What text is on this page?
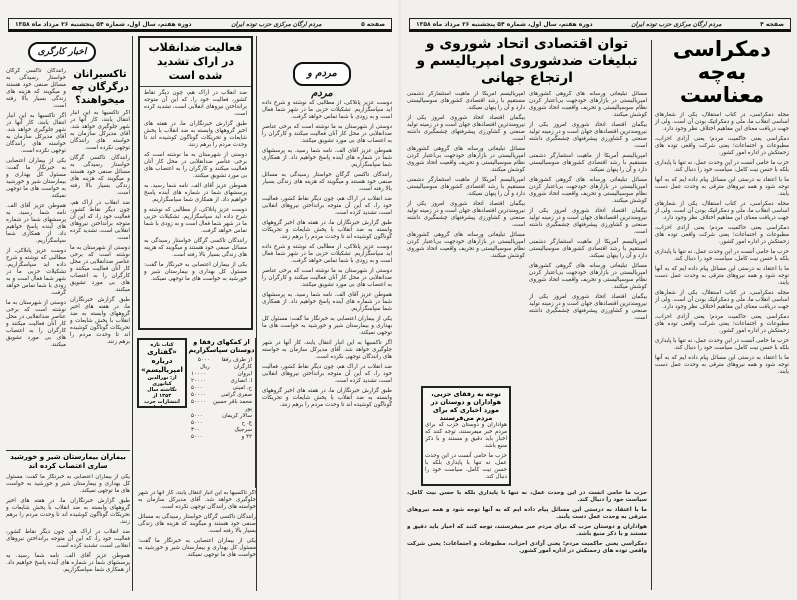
صفحه ۵
مردم ارگان مرکزی حزب توده ایران
دوره هفتم، سال اول، شماره ۵۴ پنجشنبه ۲۶ مرداد ماه ۱۳۵۸
مردم و مردم

دوست عزیز پانلاکی، از مطالبی که نوشته و شرح داده اید سپاسگزاریم. تشکیلات حزبی ما در شهر شما فعال است و به زودی با شما تماس خواهد گرفت.

دوستی از شهرستان به ما نوشته است که برخی عناصر ضدانقلابی در محل کار آنان فعالیت میکنند و کارگران را به اعتصاب های بی مورد تشویق میکنند.

هموطن عزیز آقای الف. نامه شما رسید. به پرسشهای شما در شماره های آینده پاسخ خواهیم داد. از همکاری شما سپاسگزاریم.

رانندگان تاکسی گرگان خواستار رسیدگی به مسائل صنفی خود هستند و میگویند که هزینه های زندگی بسیار بالا رفته است.

ضد انقلاب در اراک هم، چون دیگر نقاط کشور، فعالیت خود را، که این آن متوجه برانداختن نیروهای انقلابی است، تشدید کرده است.

طبق گزارش خبرنگاران ما، در هفته های اخیر گروههای وابسته به ضد انقلاب با پخش شایعات و تحریکات گوناگون کوشیده اند تا وحدت مردم را برهم زنند.

دوست عزیز پانلاکی، از مطالبی که نوشته و شرح داده اید سپاسگزاریم. تشکیلات حزبی ما در شهر شما فعال است و به زودی با شما تماس خواهد گرفت.

دوستی از شهرستان به ما نوشته است که برخی عناصر ضدانقلابی در محل کار آنان فعالیت میکنند و کارگران را به اعتصاب های بی مورد تشویق میکنند.

هموطن عزیز آقای الف. نامه شما رسید. به پرسشهای شما در شماره های آینده پاسخ خواهیم داد. از همکاری شما سپاسگزاریم.

یکی از بیماران اعتصابی به خبرنگار ما گفت: مسئول کل بهداری و بیمارستان شیر و خورشید به خواست های ما توجهی نمیکند.

اگر تاکسیها به این انبار انتقال یابند، کار آنها در شهر جلوگیری خواهد شد. آقای مدیرکل سازمان به خواسته های رانندگان توجهی نکرده است.

ضد انقلاب در اراک هم، چون دیگر نقاط کشور، فعالیت خود را، که این آن متوجه برانداختن نیروهای انقلابی است، تشدید کرده است.

طبق گزارش خبرنگاران ما، در هفته های اخیر گروههای وابسته به ضد انقلاب با پخش شایعات و تحریکات گوناگون کوشیده اند تا وحدت مردم را برهم زنند.

فعالیت ضدانقلاب در اراک تشدید شده است

ضد انقلاب در اراک هم، چون دیگر نقاط کشور، فعالیت خود را، که این آن متوجه برانداختن نیروهای انقلابی است، تشدید کرده است.

طبق گزارش خبرنگاران ما، در هفته های اخیر گروههای وابسته به ضد انقلاب با پخش شایعات و تحریکات گوناگون کوشیده اند تا وحدت مردم را برهم زنند.

دوستی از شهرستان به ما نوشته است که برخی عناصر ضدانقلابی در محل کار آنان فعالیت میکنند و کارگران را به اعتصاب های بی مورد تشویق میکنند.

هموطن عزیز آقای الف. نامه شما رسید. به پرسشهای شما در شماره های آینده پاسخ خواهیم داد. از همکاری شما سپاسگزاریم.

دوست عزیز پانلاکی، از مطالبی که نوشته و شرح داده اید سپاسگزاریم. تشکیلات حزبی ما در شهر شما فعال است و به زودی با شما تماس خواهد گرفت.

رانندگان تاکسی گرگان خواستار رسیدگی به مسائل صنفی خود هستند و میگویند که هزینه های زندگی بسیار بالا رفته است.

یکی از بیماران اعتصابی به خبرنگار ما گفت: مسئول کل بهداری و بیمارستان شیر و خورشید به خواست های ما توجهی نمیکند.

از کمکهای رفقا و دوستان سپاسگزاریم
از طرف رفقا کارگران
۵۰۰۰ ریال
ایروان
۱۰۰۰۰
ا. انصاری
۲۰۰۰۰
ح. امینی
۵۰۰۰
صفری گرامی
۵۰۰۰۰
محمد باقر حسین پور
۵۰۰۰۰
سالار کریمان
۵۰۰۰
ع. ح
۵۰۰۰
سرجیک
۳۰۰
۴۲ و
۵۰۰۰
کتاب تازه
«گفتاری درباره امپریالیسم»
از: نورالدین کیانوری
نگاشته سال ۱۳۵۳ از انتشارات حزب توده ایران

اگر تاکسیها به این انبار انتقال یابند، کار آنها در شهر جلوگیری خواهد شد. آقای مدیرکل سازمان به خواسته های رانندگان توجهی نکرده است.

رانندگان تاکسی گرگان خواستار رسیدگی به مسائل صنفی خود هستند و میگویند که هزینه های زندگی بسیار بالا رفته است.

یکی از بیماران اعتصابی به خبرنگار ما گفت: مسئول کل بهداری و بیمارستان شیر و خورشید به خواست های ما توجهی نمیکند.

اخبار کارگری
تاکسیرانان درگرگان چه میخواهند؟

اگر تاکسیها به این انبار انتقال یابند، کار آنها در شهر جلوگیری خواهد شد. آقای مدیرکل سازمان به خواسته های رانندگان توجهی نکرده است.

رانندگان تاکسی گرگان خواستار رسیدگی به مسائل صنفی خود هستند و میگویند که هزینه های زندگی بسیار بالا رفته است.

ضد انقلاب در اراک هم، چون دیگر نقاط کشور، فعالیت خود را، که این آن متوجه برانداختن نیروهای انقلابی است، تشدید کرده است.

دوستی از شهرستان به ما نوشته است که برخی عناصر ضدانقلابی در محل کار آنان فعالیت میکنند و کارگران را به اعتصاب های بی مورد تشویق میکنند.

طبق گزارش خبرنگاران ما، در هفته های اخیر گروههای وابسته به ضد انقلاب با پخش شایعات و تحریکات گوناگون کوشیده اند تا وحدت مردم را برهم زنند.

رانندگان تاکسی گرگان خواستار رسیدگی به مسائل صنفی خود هستند و میگویند که هزینه های زندگی بسیار بالا رفته است.

اگر تاکسیها به این انبار انتقال یابند، کار آنها در شهر جلوگیری خواهد شد. آقای مدیرکل سازمان به خواسته های رانندگان توجهی نکرده است.

یکی از بیماران اعتصابی به خبرنگار ما گفت: مسئول کل بهداری و بیمارستان شیر و خورشید به خواست های ما توجهی نمیکند.

هموطن عزیز آقای الف. نامه شما رسید. به پرسشهای شما در شماره های آینده پاسخ خواهیم داد. از همکاری شما سپاسگزاریم.

دوست عزیز پانلاکی، از مطالبی که نوشته و شرح داده اید سپاسگزاریم. تشکیلات حزبی ما در شهر شما فعال است و به زودی با شما تماس خواهد گرفت.

دوستی از شهرستان به ما نوشته است که برخی عناصر ضدانقلابی در محل کار آنان فعالیت میکنند و کارگران را به اعتصاب های بی مورد تشویق میکنند.

بیماران بیمارستان شیر و خورشید ساری اعتصاب کرده اند

یکی از بیماران اعتصابی به خبرنگار ما گفت: مسئول کل بهداری و بیمارستان شیر و خورشید به خواست های ما توجهی نمیکند.

طبق گزارش خبرنگاران ما، در هفته های اخیر گروههای وابسته به ضد انقلاب با پخش شایعات و تحریکات گوناگون کوشیده اند تا وحدت مردم را برهم زنند.

ضد انقلاب در اراک هم، چون دیگر نقاط کشور، فعالیت خود را، که این آن متوجه برانداختن نیروهای انقلابی است، تشدید کرده است.

هموطن عزیز آقای الف. نامه شما رسید. به پرسشهای شما در شماره های آینده پاسخ خواهیم داد. از همکاری شما سپاسگزاریم.

صفحه ۴
مردم ارگان مرکزی حزب توده ایران
دوره هفتم، سال اول، شماره ۵۴ پنجشنبه ۲۶ مرداد ماه ۱۳۵۸
دمکراسی به‌چه معناست

مجله دمکراسی، در کتاب استقلال، یکی از شعارهای اساسی انقلاب ما، ملی و دمکراتیک بودن آن است. ولی از جهت دریافت معنای این مفاهیم اختلاف نظر وجود دارد.

دمکراسی یعنی حاکمیت مردم؛ یعنی آزادی احزاب، مطبوعات و اجتماعات؛ یعنی شرکت واقعی توده های زحمتکش در اداره امور کشور.

حزب ما حامی آنست در این وحدت عمل، نه تنها با پایداری بلکه با حسن نیت کامل، سیاست خود را دنبال کند.

ما با اعتقاد به درستی این مسائل پیام داده ایم که به آنها توجه شود و همه نیروهای مترقی به وحدت عمل دست یابند.

مجله دمکراسی، در کتاب استقلال، یکی از شعارهای اساسی انقلاب ما، ملی و دمکراتیک بودن آن است. ولی از جهت دریافت معنای این مفاهیم اختلاف نظر وجود دارد.

دمکراسی یعنی حاکمیت مردم؛ یعنی آزادی احزاب، مطبوعات و اجتماعات؛ یعنی شرکت واقعی توده های زحمتکش در اداره امور کشور.

حزب ما حامی آنست در این وحدت عمل، نه تنها با پایداری بلکه با حسن نیت کامل، سیاست خود را دنبال کند.

ما با اعتقاد به درستی این مسائل پیام داده ایم که به آنها توجه شود و همه نیروهای مترقی به وحدت عمل دست یابند.

مجله دمکراسی، در کتاب استقلال، یکی از شعارهای اساسی انقلاب ما، ملی و دمکراتیک بودن آن است. ولی از جهت دریافت معنای این مفاهیم اختلاف نظر وجود دارد.

دمکراسی یعنی حاکمیت مردم؛ یعنی آزادی احزاب، مطبوعات و اجتماعات؛ یعنی شرکت واقعی توده های زحمتکش در اداره امور کشور.

حزب ما حامی آنست در این وحدت عمل، نه تنها با پایداری بلکه با حسن نیت کامل، سیاست خود را دنبال کند.

ما با اعتقاد به درستی این مسائل پیام داده ایم که به آنها توجه شود و همه نیروهای مترقی به وحدت عمل دست یابند.

توان اقتصادی اتحاد شوروی و تبلیغات ضدشوروی امپریالیسم و ارتجاع جهانی

مسائل تبلیغاتی ورسانه های گروهی کشورهای امپریالیستی در بازارهای خودجهت بی‌اعتبار کردن نظام سوسیالیستی و تحریف واقعیت اتحاد شوروی کوشش میکنند.

بیگمان اقتصاد اتحاد شوروی امروز یکی از نیرومندترین اقتصادهای جهان است و در زمینه تولید صنعتی و کشاورزی پیشرفتهای چشمگیری داشته است.

امپریالیسم آمریکا از ماهیت استثمارگر دشمنی مستقیم با رشد اقتصادی کشورهای سوسیالیستی دارد و آن را پنهان نمیکند.

مسائل تبلیغاتی ورسانه های گروهی کشورهای امپریالیستی در بازارهای خودجهت بی‌اعتبار کردن نظام سوسیالیستی و تحریف واقعیت اتحاد شوروی کوشش میکنند.

بیگمان اقتصاد اتحاد شوروی امروز یکی از نیرومندترین اقتصادهای جهان است و در زمینه تولید صنعتی و کشاورزی پیشرفتهای چشمگیری داشته است.

امپریالیسم آمریکا از ماهیت استثمارگر دشمنی مستقیم با رشد اقتصادی کشورهای سوسیالیستی دارد و آن را پنهان نمیکند.

مسائل تبلیغاتی ورسانه های گروهی کشورهای امپریالیستی در بازارهای خودجهت بی‌اعتبار کردن نظام سوسیالیستی و تحریف واقعیت اتحاد شوروی کوشش میکنند.

بیگمان اقتصاد اتحاد شوروی امروز یکی از نیرومندترین اقتصادهای جهان است و در زمینه تولید صنعتی و کشاورزی پیشرفتهای چشمگیری داشته است.

امپریالیسم آمریکا از ماهیت استثمارگر دشمنی مستقیم با رشد اقتصادی کشورهای سوسیالیستی دارد و آن را پنهان نمیکند.

بیگمان اقتصاد اتحاد شوروی امروز یکی از نیرومندترین اقتصادهای جهان است و در زمینه تولید صنعتی و کشاورزی پیشرفتهای چشمگیری داشته است.

مسائل تبلیغاتی ورسانه های گروهی کشورهای امپریالیستی در بازارهای خودجهت بی‌اعتبار کردن نظام سوسیالیستی و تحریف واقعیت اتحاد شوروی کوشش میکنند.

امپریالیسم آمریکا از ماهیت استثمارگر دشمنی مستقیم با رشد اقتصادی کشورهای سوسیالیستی دارد و آن را پنهان نمیکند.

بیگمان اقتصاد اتحاد شوروی امروز یکی از نیرومندترین اقتصادهای جهان است و در زمینه تولید صنعتی و کشاورزی پیشرفتهای چشمگیری داشته است.

مسائل تبلیغاتی ورسانه های گروهی کشورهای امپریالیستی در بازارهای خودجهت بی‌اعتبار کردن نظام سوسیالیستی و تحریف واقعیت اتحاد شوروی کوشش میکنند.

توجه به رفقای حزبی، هواداران و دوستان در مورد اخباری که برای مردم می‌فرستند

هواداران و دوستان حزب که برای مردم خبر میفرستند، توجه کنند که اخبار باید دقیق و مستند و با ذکر منبع باشد.

حزب ما حامی آنست در این وحدت عمل، نه تنها با پایداری بلکه با حسن نیت کامل، سیاست خود را دنبال کند.

حزب ما حامی آنست در این وحدت عمل، نه تنها با پایداری بلکه با حسن نیت کامل، سیاست خود را دنبال کند.

ما با اعتقاد به درستی این مسائل پیام داده ایم که به آنها توجه شود و همه نیروهای مترقی به وحدت عمل دست یابند.

هواداران و دوستان حزب که برای مردم خبر میفرستند، توجه کنند که اخبار باید دقیق و مستند و با ذکر منبع باشد.

دمکراسی یعنی حاکمیت مردم؛ یعنی آزادی احزاب، مطبوعات و اجتماعات؛ یعنی شرکت واقعی توده های زحمتکش در اداره امور کشور.
